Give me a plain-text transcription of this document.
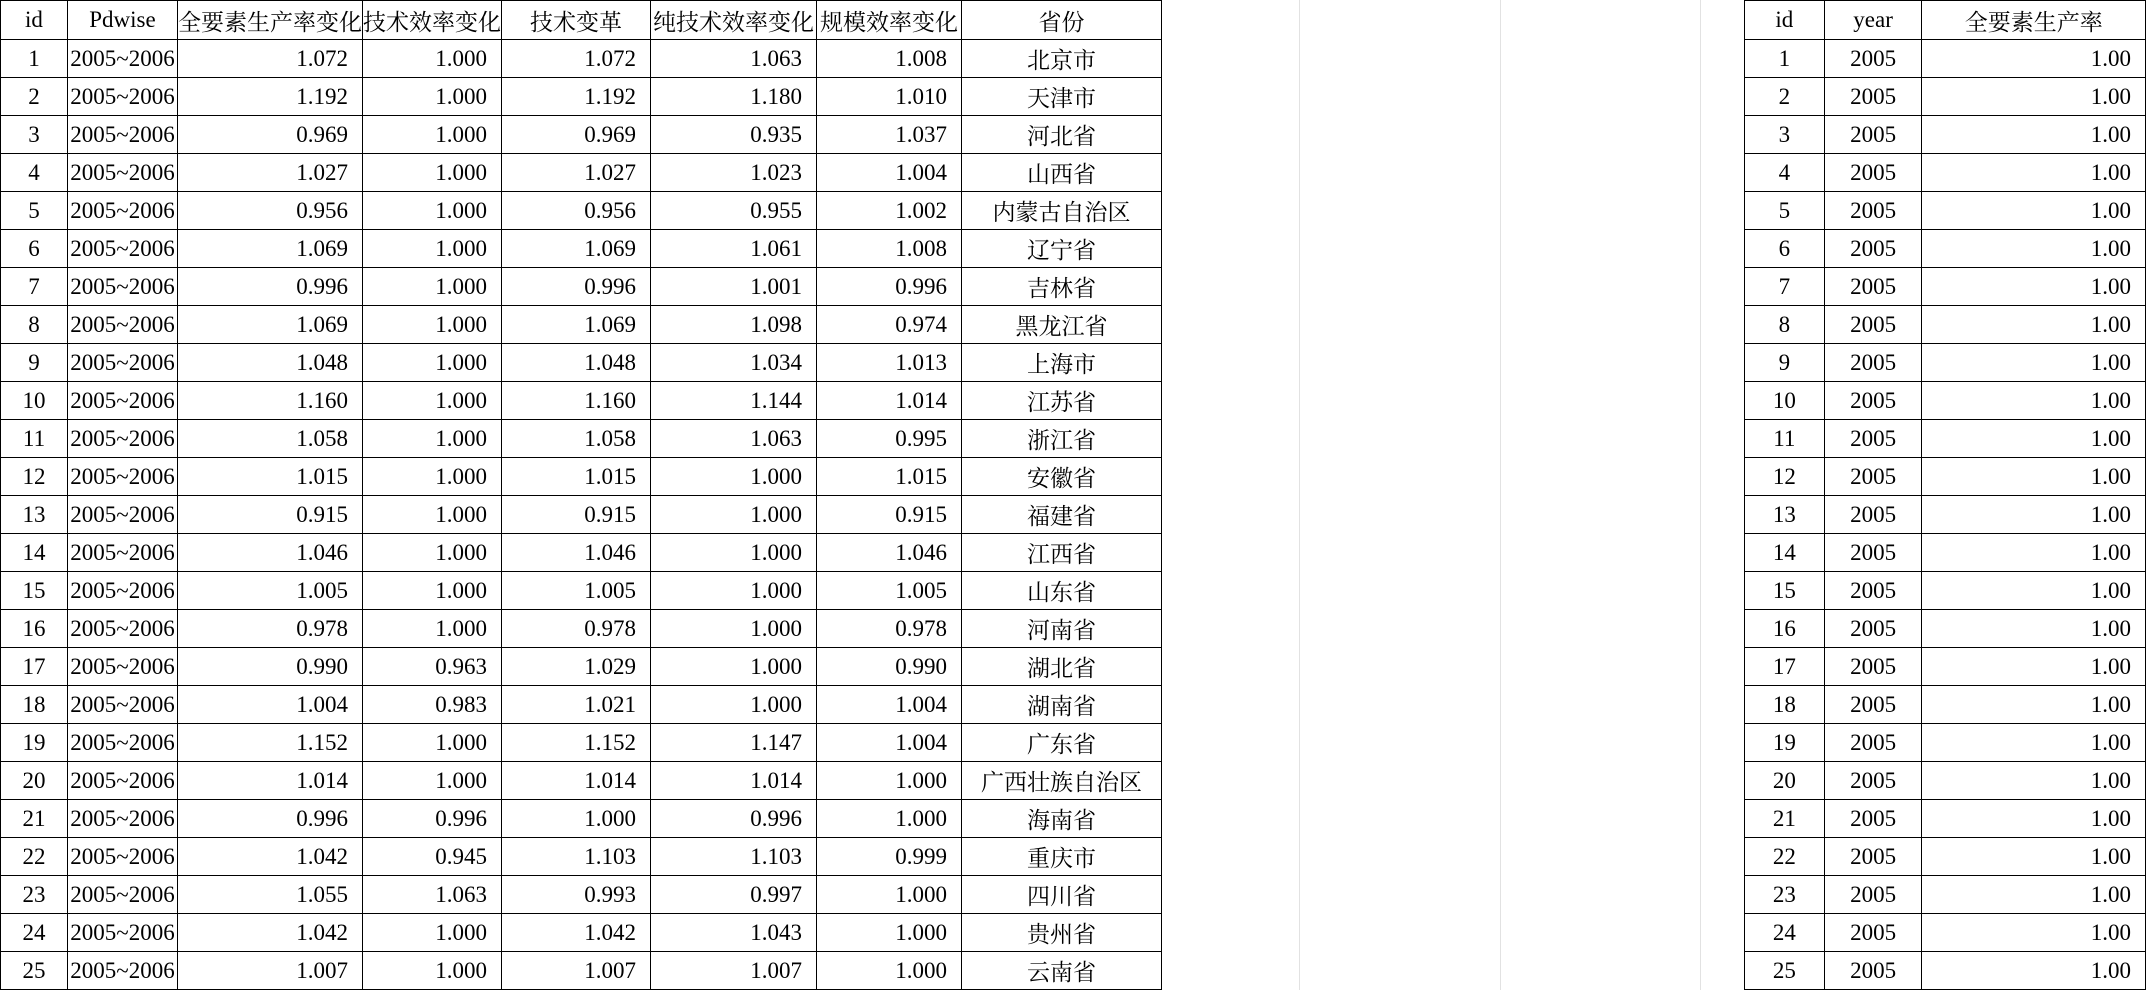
id	Pdwise	全要素生产率变化	技术效率变化	技术变革	纯技术效率变化	规模效率变化	省份
1	2005~2006	1.072	1.000	1.072	1.063	1.008	北京市
2	2005~2006	1.192	1.000	1.192	1.180	1.010	天津市
3	2005~2006	0.969	1.000	0.969	0.935	1.037	河北省
4	2005~2006	1.027	1.000	1.027	1.023	1.004	山西省
5	2005~2006	0.956	1.000	0.956	0.955	1.002	内蒙古自治区
6	2005~2006	1.069	1.000	1.069	1.061	1.008	辽宁省
7	2005~2006	0.996	1.000	0.996	1.001	0.996	吉林省
8	2005~2006	1.069	1.000	1.069	1.098	0.974	黑龙江省
9	2005~2006	1.048	1.000	1.048	1.034	1.013	上海市
10	2005~2006	1.160	1.000	1.160	1.144	1.014	江苏省
11	2005~2006	1.058	1.000	1.058	1.063	0.995	浙江省
12	2005~2006	1.015	1.000	1.015	1.000	1.015	安徽省
13	2005~2006	0.915	1.000	0.915	1.000	0.915	福建省
14	2005~2006	1.046	1.000	1.046	1.000	1.046	江西省
15	2005~2006	1.005	1.000	1.005	1.000	1.005	山东省
16	2005~2006	0.978	1.000	0.978	1.000	0.978	河南省
17	2005~2006	0.990	0.963	1.029	1.000	0.990	湖北省
18	2005~2006	1.004	0.983	1.021	1.000	1.004	湖南省
19	2005~2006	1.152	1.000	1.152	1.147	1.004	广东省
20	2005~2006	1.014	1.000	1.014	1.014	1.000	广西壮族自治区
21	2005~2006	0.996	0.996	1.000	0.996	1.000	海南省
22	2005~2006	1.042	0.945	1.103	1.103	0.999	重庆市
23	2005~2006	1.055	1.063	0.993	0.997	1.000	四川省
24	2005~2006	1.042	1.000	1.042	1.043	1.000	贵州省
25	2005~2006	1.007	1.000	1.007	1.007	1.000	云南省
id	year	全要素生产率
1	2005	1.00
2	2005	1.00
3	2005	1.00
4	2005	1.00
5	2005	1.00
6	2005	1.00
7	2005	1.00
8	2005	1.00
9	2005	1.00
10	2005	1.00
11	2005	1.00
12	2005	1.00
13	2005	1.00
14	2005	1.00
15	2005	1.00
16	2005	1.00
17	2005	1.00
18	2005	1.00
19	2005	1.00
20	2005	1.00
21	2005	1.00
22	2005	1.00
23	2005	1.00
24	2005	1.00
25	2005	1.00
